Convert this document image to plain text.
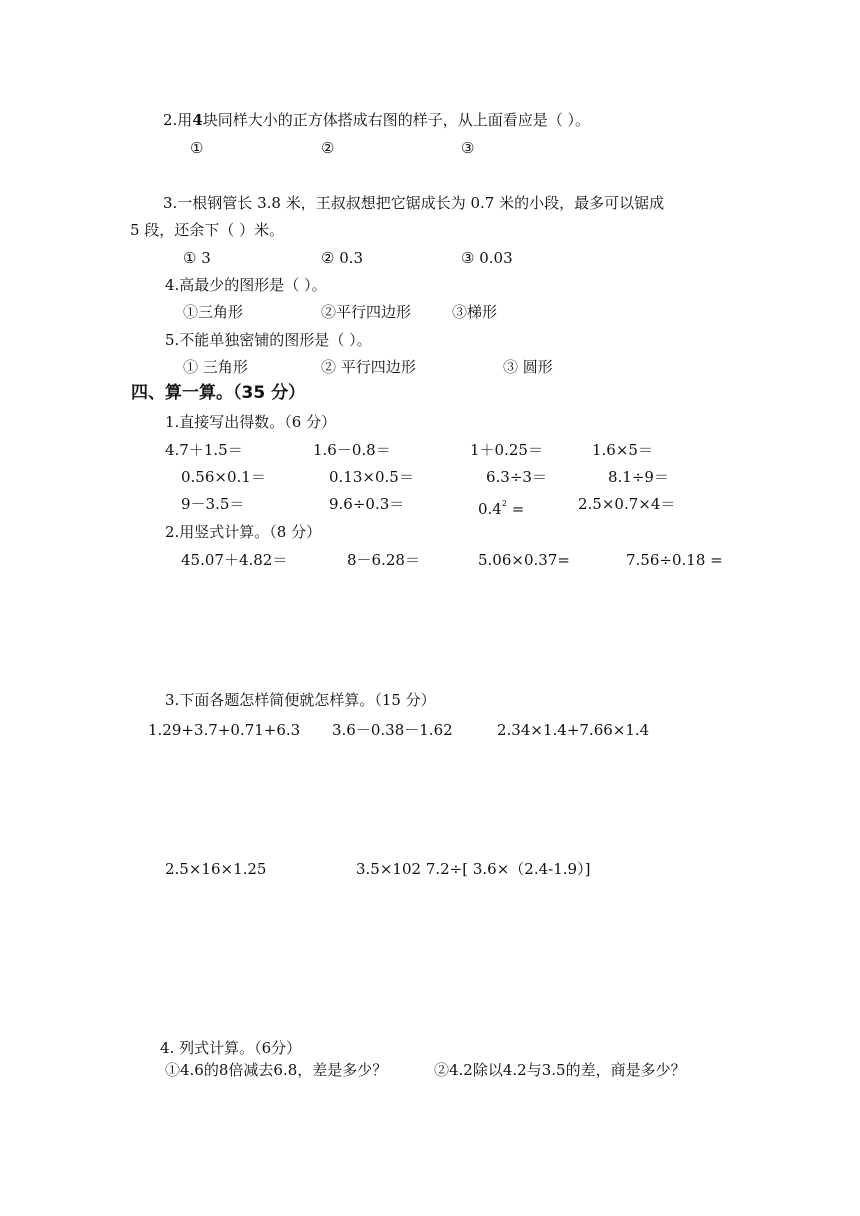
2.用4块同样大小的正方体搭成右图的样子，从上面看应是（ ）。
①	②	③
3.一根钢管长 3.8 米，王叔叔想把它锯成长为 0.7 米的小段，最多可以锯成
5 段，还余下（ ）米。
① 3	② 0.3	③ 0.03
4.高最少的图形是（ ）。
①三角形	②平行四边形	③梯形
5.不能单独密铺的图形是（ ）。
① 三角形	② 平行四边形	③ 圆形
四、算一算。（35 分）
1.直接写出得数。（6 分）
4.7＋1.5＝	1.6－0.8＝	1＋0.25＝	1.6×5＝
0.56×0.1＝	0.13×0.5＝	6.3÷3＝	8.1÷9＝
9－3.5＝	9.6÷0.3＝	$0.4^2$ =	2.5×0.7×4＝
2.用竖式计算。（8 分）
45.07＋4.82＝	8－6.28＝	5.06×0.37=	7.56÷0.18 =
3.下面各题怎样简便就怎样算。（15 分）
1.29+3.7+0.71+6.3 3.6－0.38－1.62	2.34×1.4+7.66×1.4
2.5×16×1.25	3.5×102 7.2÷[ 3.6×（2.4-1.9）]
4. 列式计算。（6分）
①4.6的8倍减去6.8，差是多少？	②4.2除以4.2与3.5的差，商是多少？
